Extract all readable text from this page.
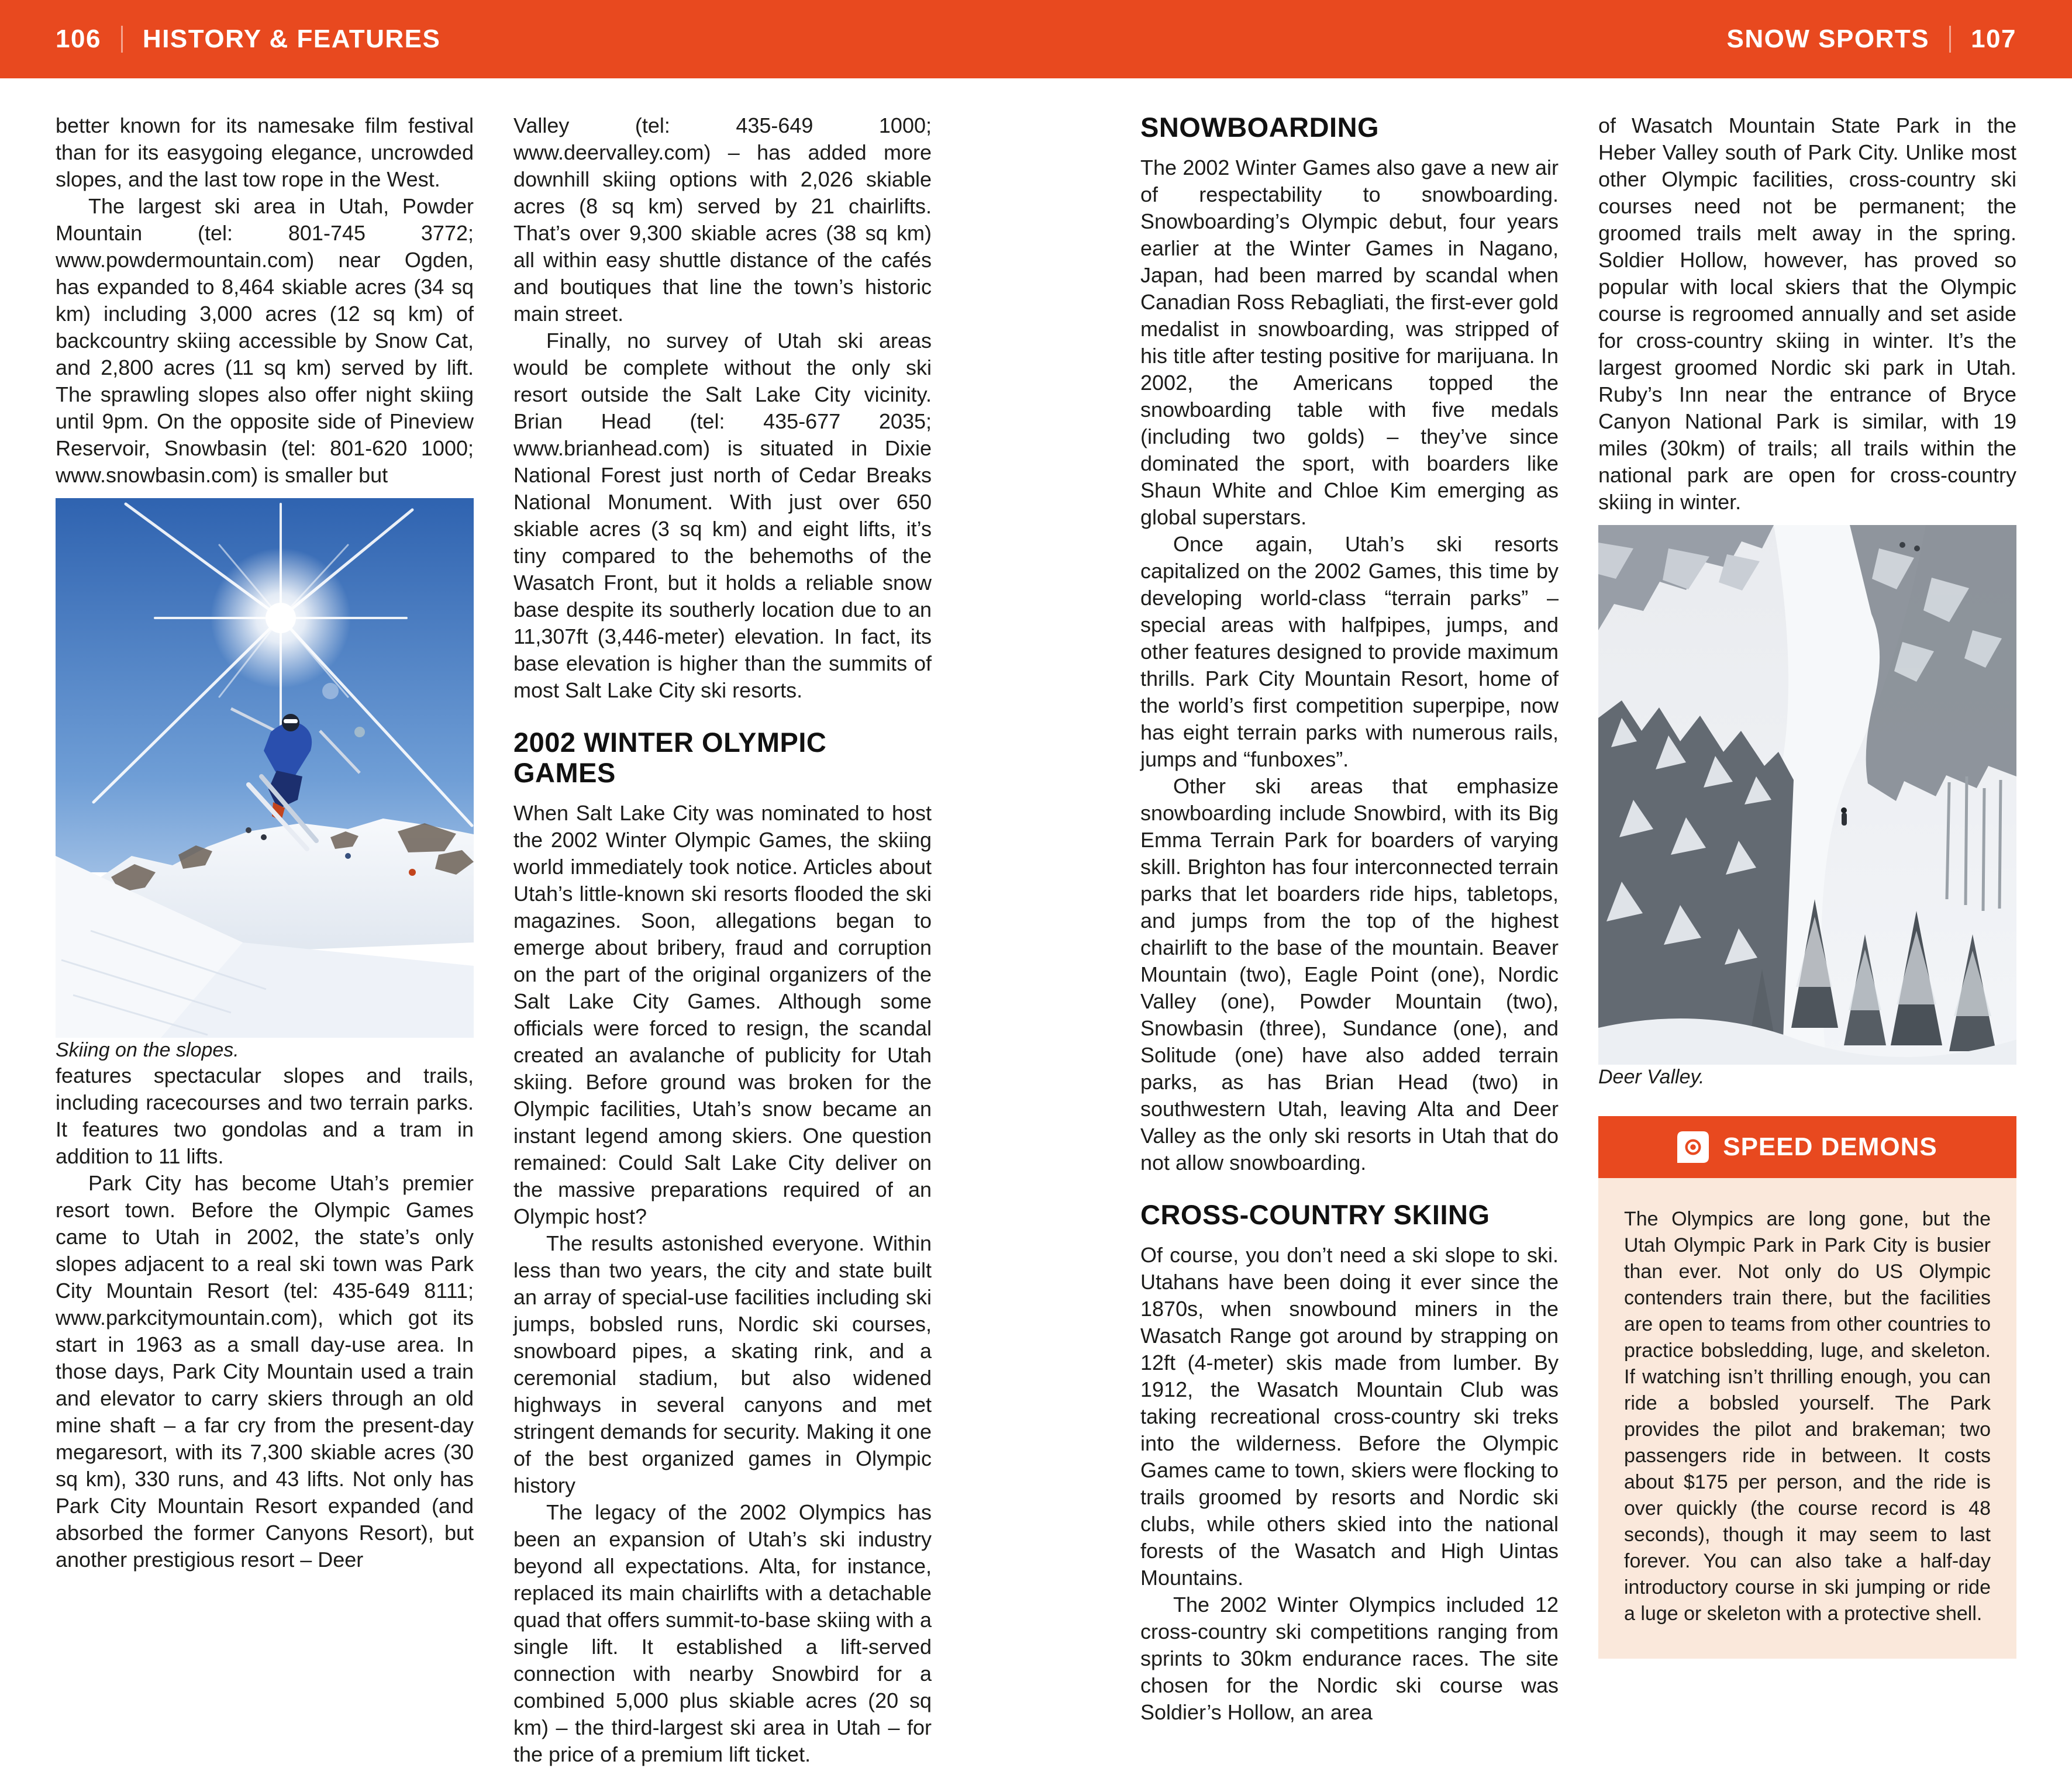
106 HISTORY & FEATURES	SNOW SPORTS 107

better known for its namesake film festival than for its easygoing elegance, uncrowded slopes, and the last tow rope in the West.

The largest ski area in Utah, Powder Mountain (tel: 801-745 3772; www.powdermountain.com) near Ogden, has expanded to 8,464 skiable acres (34 sq km) including 3,000 acres (12 sq km) of backcountry skiing accessible by Snow Cat, and 2,800 acres (11 sq km) served by lift. The sprawling slopes also offer night skiing until 9pm. On the opposite side of Pineview Reservoir, Snowbasin (tel: 801-620 1000; www.snowbasin.com) is smaller but

Skiing on the slopes.

features spectacular slopes and trails, including racecourses and two terrain parks. It features two gondolas and a tram in addition to 11 lifts.

Park City has become Utah’s premier resort town. Before the Olympic Games came to Utah in 2002, the state’s only slopes adjacent to a real ski town was Park City Mountain Resort (tel: 435-649 8111; www.parkcitymountain.com), which got its start in 1963 as a small day-use area. In those days, Park City Mountain used a train and elevator to carry skiers through an old mine shaft – a far cry from the present-day megaresort, with its 7,300 skiable acres (30 sq km), 330 runs, and 43 lifts. Not only has Park City Mountain Resort expanded (and absorbed the former Canyons Resort), but another prestigious resort – Deer

Valley (tel: 435-649 1000; www.deervalley.com) – has added more downhill skiing options with 2,026 skiable acres (8 sq km) served by 21 chairlifts. That’s over 9,300 skiable acres (38 sq km) all within easy shuttle distance of the cafés and boutiques that line the town’s historic main street.

Finally, no survey of Utah ski areas would be complete without the only ski resort outside the Salt Lake City vicinity. Brian Head (tel: 435-677 2035; www.brianhead.com) is situated in Dixie National Forest just north of Cedar Breaks National Monument. With just over 650 skiable acres (3 sq km) and eight lifts, it’s tiny compared to the behemoths of the Wasatch Front, but it holds a reliable snow base despite its southerly location due to an 11,307ft (3,446-meter) elevation. In fact, its base elevation is higher than the summits of most Salt Lake City ski resorts.

2002 WINTER OLYMPIC GAMES

When Salt Lake City was nominated to host the 2002 Winter Olympic Games, the skiing world immediately took notice. Articles about Utah’s little-known ski resorts flooded the ski magazines. Soon, allegations began to emerge about bribery, fraud and corruption on the part of the original organizers of the Salt Lake City Games. Although some officials were forced to resign, the scandal created an avalanche of publicity for Utah skiing. Before ground was broken for the Olympic facilities, Utah’s snow became an instant legend among skiers. One question remained: Could Salt Lake City deliver on the massive preparations required of an Olympic host?

The results astonished everyone. Within less than two years, the city and state built an array of special-use facilities including ski jumps, bobsled runs, Nordic ski courses, snowboard pipes, a skating rink, and a ceremonial stadium, but also widened highways in several canyons and met stringent demands for security. Making it one of the best organized games in Olympic history

The legacy of the 2002 Olympics has been an expansion of Utah’s ski industry beyond all expectations. Alta, for instance, replaced its main chairlifts with a detachable quad that offers summit-to-base skiing with a single lift. It established a lift-served connection with nearby Snowbird for a combined 5,000 plus skiable acres (20 sq km) – the third-largest ski area in Utah – for the price of a premium lift ticket.

SNOWBOARDING

The 2002 Winter Games also gave a new air of respectability to snowboarding. Snowboarding’s Olympic debut, four years earlier at the Winter Games in Nagano, Japan, had been marred by scandal when Canadian Ross Rebagliati, the first-ever gold medalist in snowboarding, was stripped of his title after testing positive for marijuana. In 2002, the Americans topped the snowboarding table with five medals (including two golds) – they’ve since dominated the sport, with boarders like Shaun White and Chloe Kim emerging as global superstars.

Once again, Utah’s ski resorts capitalized on the 2002 Games, this time by developing world-class “terrain parks” – special areas with halfpipes, jumps, and other features designed to provide maximum thrills. Park City Mountain Resort, home of the world’s first competition superpipe, now has eight terrain parks with numerous rails, jumps and “funboxes”.

Other ski areas that emphasize snowboarding include Snowbird, with its Big Emma Terrain Park for boarders of varying skill. Brighton has four interconnected terrain parks that let boarders ride hips, tabletops, and jumps from the top of the highest chairlift to the base of the mountain. Beaver Mountain (two), Eagle Point (one), Nordic Valley (one), Powder Mountain (two), Snowbasin (three), Sundance (one), and Solitude (one) have also added terrain parks, as has Brian Head (two) in southwestern Utah, leaving Alta and Deer Valley as the only ski resorts in Utah that do not allow snowboarding.

CROSS-COUNTRY SKIING

Of course, you don’t need a ski slope to ski. Utahans have been doing it ever since the 1870s, when snowbound miners in the Wasatch Range got around by strapping on 12ft (4-meter) skis made from lumber. By 1912, the Wasatch Mountain Club was taking recreational cross-country ski treks into the wilderness. Before the Olympic Games came to town, skiers were flocking to trails groomed by resorts and Nordic ski clubs, while others skied into the national forests of the Wasatch and High Uintas Mountains.

The 2002 Winter Olympics included 12 cross-country ski competitions ranging from sprints to 30km endurance races. The site chosen for the Nordic ski course was Soldier’s Hollow, an area

of Wasatch Mountain State Park in the Heber Valley south of Park City. Unlike most other Olympic facilities, cross-country ski courses need not be permanent; the groomed trails melt away in the spring. Soldier Hollow, however, has proved so popular with local skiers that the Olympic course is regroomed annually and set aside for cross-country skiing in winter. It’s the largest groomed Nordic ski park in Utah. Ruby’s Inn near the entrance of Bryce Canyon National Park is similar, with 19 miles (30km) of trails; all trails within the national park are open for cross-country skiing in winter.

Deer Valley.

SPEED DEMONS
The Olympics are long gone, but the Utah Olympic Park in Park City is busier than ever. Not only do US Olympic contenders train there, but the facilities are open to teams from other countries to practice bobsledding, luge, and skeleton. If watching isn’t thrilling enough, you can ride a bobsled yourself. The Park provides the pilot and brakeman; two passengers ride in between. It costs about $175 per person, and the ride is over quickly (the course record is 48 seconds), though it may seem to last forever. You can also take a half-day introductory course in ski jumping or ride a luge or skeleton with a protective shell.
